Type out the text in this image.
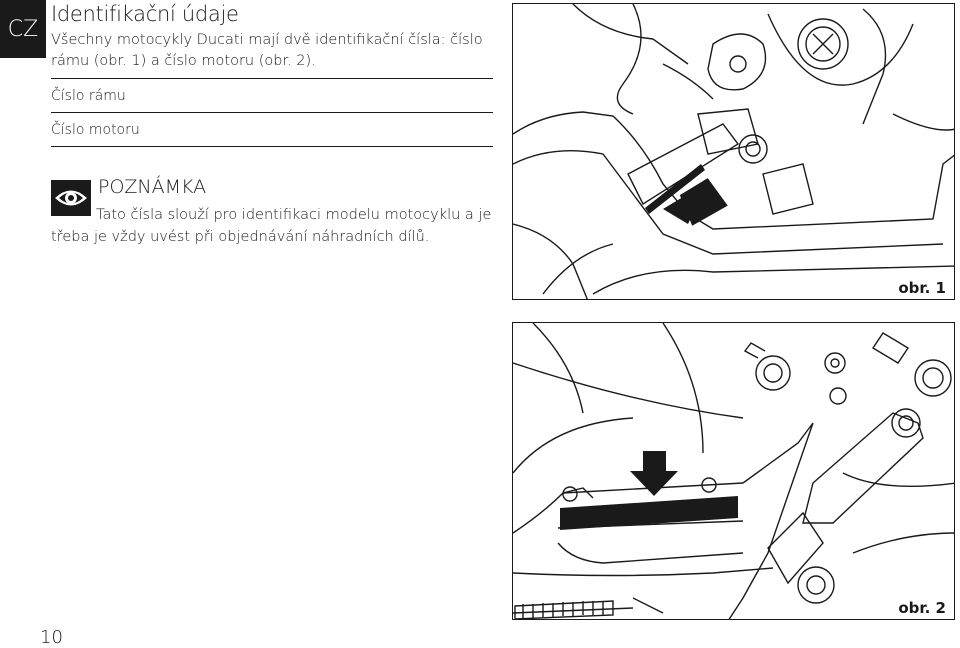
CZ
Identifikační údaje
Všechny motocykly Ducati mají dvě identifikační čísla: číslo rámu (obr. 1) a číslo motoru (obr. 2).
Číslo rámu
Číslo motoru
POZNÁMKA
Tato čísla slouží pro identifikaci modelu motocyklu a je třeba je vždy uvést při objednávání náhradních dílů.
10
obr. 1
obr. 2
